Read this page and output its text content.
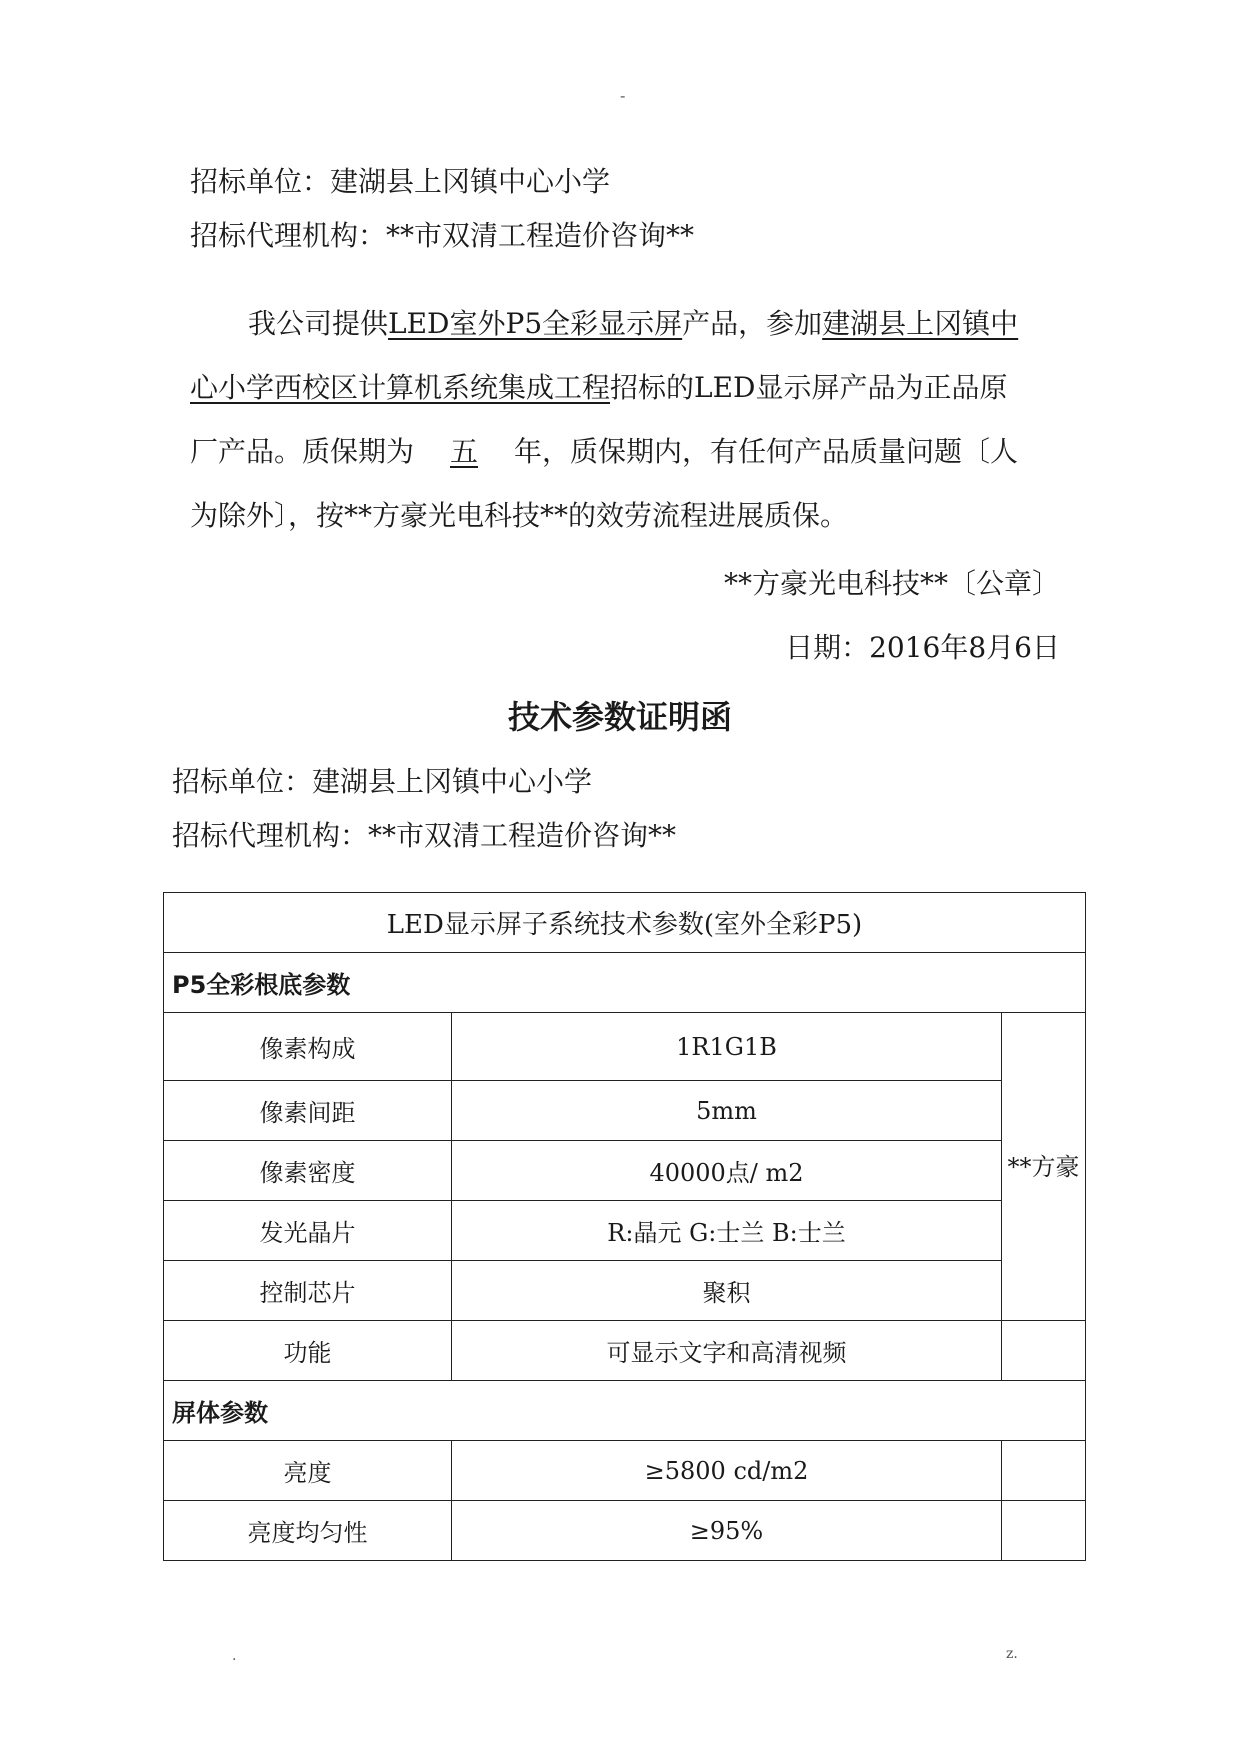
-
招标单位：建湖县上冈镇中心小学
招标代理机构：**市双清工程造价咨询**
我公司提供LED室外P5全彩显示屏产品，参加建湖县上冈镇中
心小学西校区计算机系统集成工程招标的LED显示屏产品为正品原
厂产品。质保期为 五 年，质保期内，有任何产品质量问题〔人
为除外〕，按**方豪光电科技**的效劳流程进展质保。
**方豪光电科技**〔公章〕
日期：2016年8月6日
技术参数证明函
招标单位：建湖县上冈镇中心小学
招标代理机构：**市双清工程造价咨询**
LED显示屏子系统技术参数(室外全彩P5)		
P5全彩根底参数		
像素构成	1R1G1B	**方豪
像素间距	5mm	
像素密度	40000点/ m2	
发光晶片	R:晶元 G:士兰 B:士兰	
控制芯片	聚积	
功能	可显示文字和高清视频	
屏体参数		
亮度	≥5800 cd/m2	
亮度均匀性	≥95%	
.	z.
